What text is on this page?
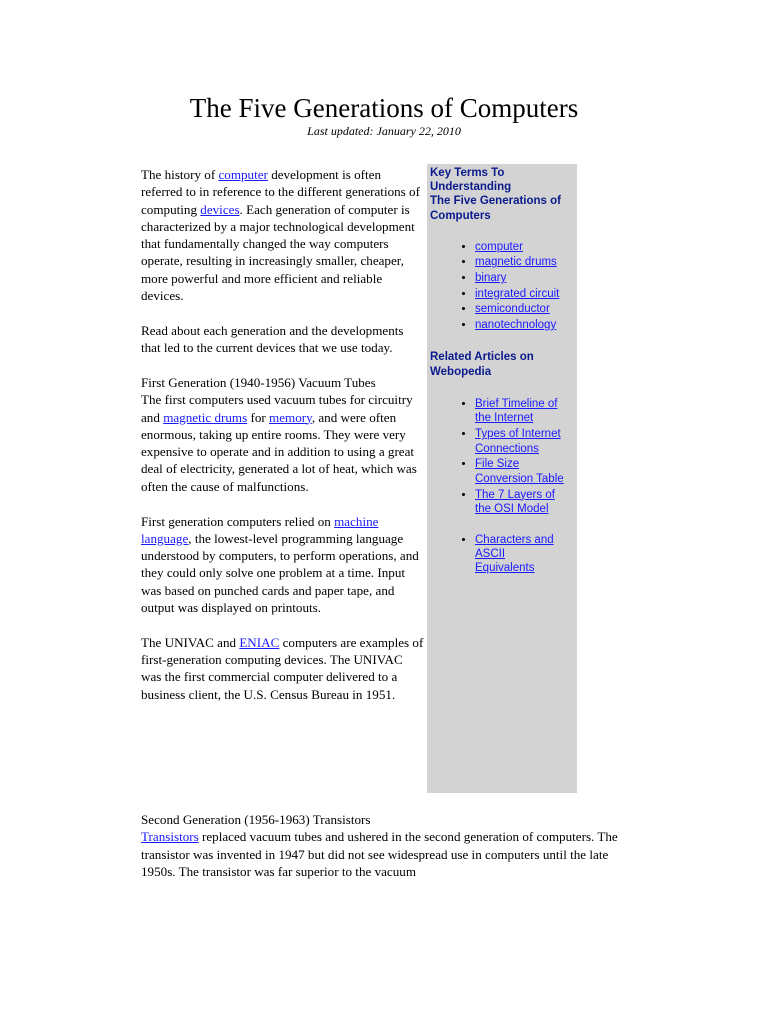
The Five Generations of Computers
Last updated: January 22, 2010

The history of computer development is often referred to in reference to the different generations of computing devices. Each generation of computer is characterized by a major technological development that fundamentally changed the way computers operate, resulting in increasingly smaller, cheaper, more powerful and more efficient and reliable devices.

Read about each generation and the developments that led to the current devices that we use today.

First Generation (1940-1956) Vacuum Tubes
The first computers used vacuum tubes for circuitry and magnetic drums for memory, and were often enormous, taking up entire rooms. They were very expensive to operate and in addition to using a great deal of electricity, generated a lot of heat, which was often the cause of malfunctions.

First generation computers relied on machine language, the lowest-level programming language understood by computers, to perform operations, and they could only solve one problem at a time. Input was based on punched cards and paper tape, and output was displayed on printouts.

The UNIVAC and ENIAC computers are examples of first-generation computing devices. The UNIVAC was the first commercial computer delivered to a business client, the U.S. Census Bureau in 1951.

Key Terms To
Understanding
The Five Generations of
Computers

• computer
• magnetic drums
• binary
• integrated circuit
• semiconductor
• nanotechnology

Related Articles on
Webopedia

• Brief Timeline of
the Internet
• Types of Internet
Connections
• File Size
Conversion Table
• The 7 Layers of
the OSI Model
• Characters and
ASCII
Equivalents
Second Generation (1956-1963) Transistors
Transistors replaced vacuum tubes and ushered in the second generation of computers. The transistor was invented in 1947 but did not see widespread use in computers until the late 1950s. The transistor was far superior to the vacuum
